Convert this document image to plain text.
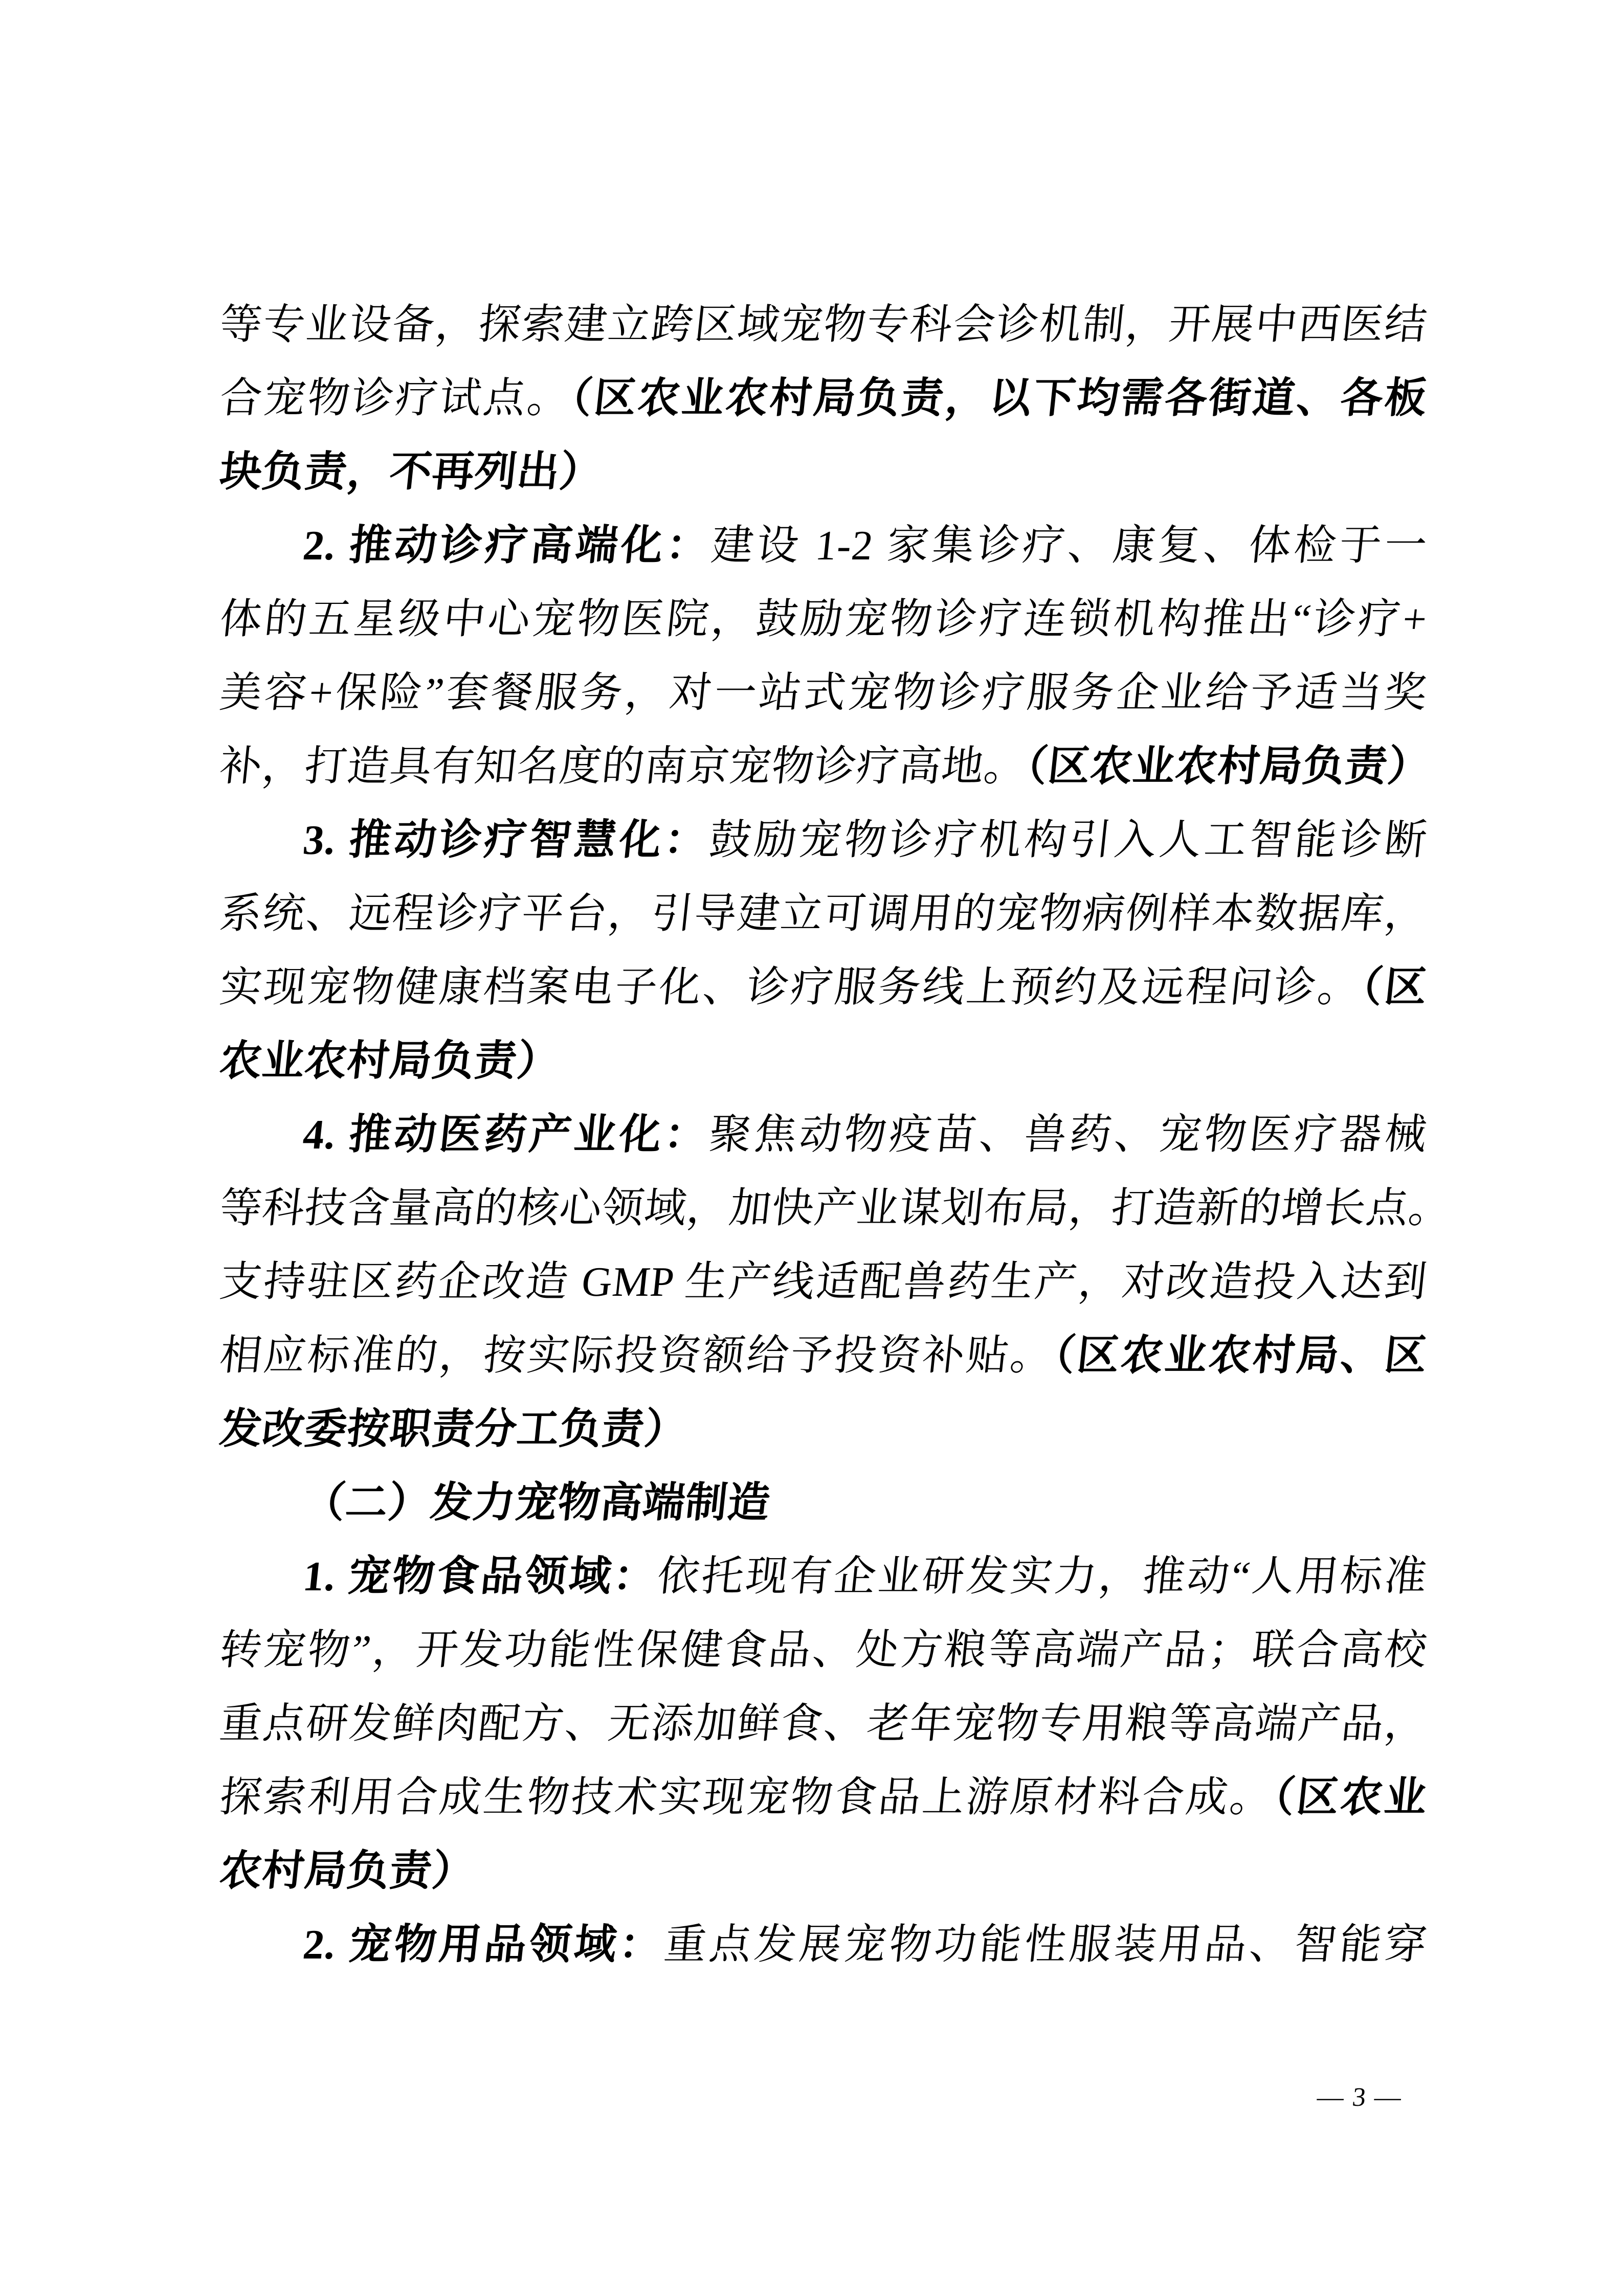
等专业设备，探索建立跨区域宠物专科会诊机制，开展中西医结
合宠物诊疗试点。（区农业农村局负责，以下均需各街道、各板
块负责，不再列出）
2. 推动诊疗高端化：建设 1-2 家集诊疗、康复、体检于一
体的五星级中心宠物医院，鼓励宠物诊疗连锁机构推出“诊疗+
美容+保险”套餐服务，对一站式宠物诊疗服务企业给予适当奖
补，打造具有知名度的南京宠物诊疗高地。（区农业农村局负责）
3. 推动诊疗智慧化：鼓励宠物诊疗机构引入人工智能诊断
系统、远程诊疗平台，引导建立可调用的宠物病例样本数据库，
实现宠物健康档案电子化、诊疗服务线上预约及远程问诊。（区
农业农村局负责）
4. 推动医药产业化：聚焦动物疫苗、兽药、宠物医疗器械
等科技含量高的核心领域，加快产业谋划布局，打造新的增长点。
支持驻区药企改造 GMP 生产线适配兽药生产，对改造投入达到
相应标准的，按实际投资额给予投资补贴。（区农业农村局、区
发改委按职责分工负责）
（二）发力宠物高端制造
1. 宠物食品领域：依托现有企业研发实力，推动“人用标准
转宠物”，开发功能性保健食品、处方粮等高端产品；联合高校
重点研发鲜肉配方、无添加鲜食、老年宠物专用粮等高端产品，
探索利用合成生物技术实现宠物食品上游原材料合成。（区农业
农村局负责）
2. 宠物用品领域：重点发展宠物功能性服装用品、智能穿
— 3 —
